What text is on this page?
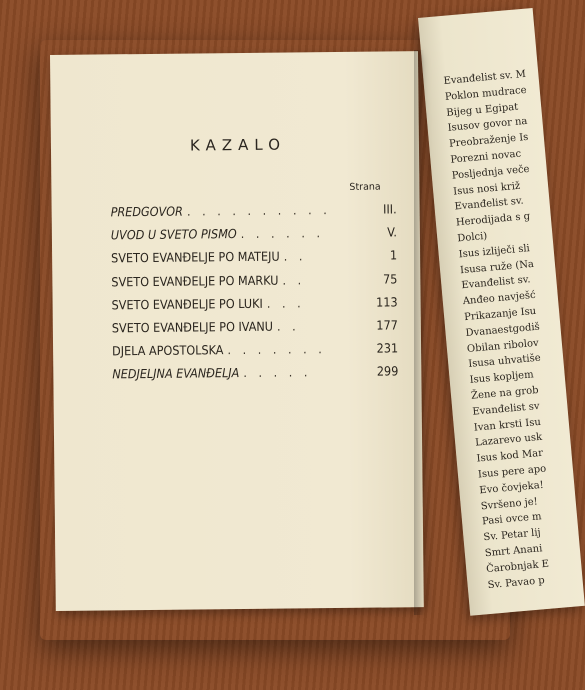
Evanđelist sv. M
Poklon mudrace
Bijeg u Egipat
Isusov govor na
Preobraženje Is
Porezni novac
Posljednja veče
Isus nosi križ
Evanđelist sv.
Herodijada s g
Dolci)
Isus izliječi sli
Isusa ruže (Na
Evanđelist sv.
Anđeo navješć
Prikazanje Isu
Dvanaestgodiš
Obilan ribolov
Isusa uhvatiše
Isus kopljem
Žene na grob
Evanđelist sv
Ivan krsti Isu
Lazarevo usk
Isus kod Mar
Isus pere apo
Evo čovjeka!
Svršeno je!
Pasi ovce m
Sv. Petar lij
Smrt Anani
Čarobnjak E
Sv. Pavao p
KAZALO
Strana
PREDGOVOR . . . . . . . . . .	III.
UVOD U SVETO PISMO . . . . . .	V.
SVETO EVANĐELJE PO MATEJU . .	1
SVETO EVANĐELJE PO MARKU . .	75
SVETO EVANĐELJE PO LUKI . . .	113
SVETO EVANĐELJE PO IVANU . .	177
DJELA APOSTOLSKA . . . . . . .	231
NEDJELJNA EVANĐELJA . . . . .	299
